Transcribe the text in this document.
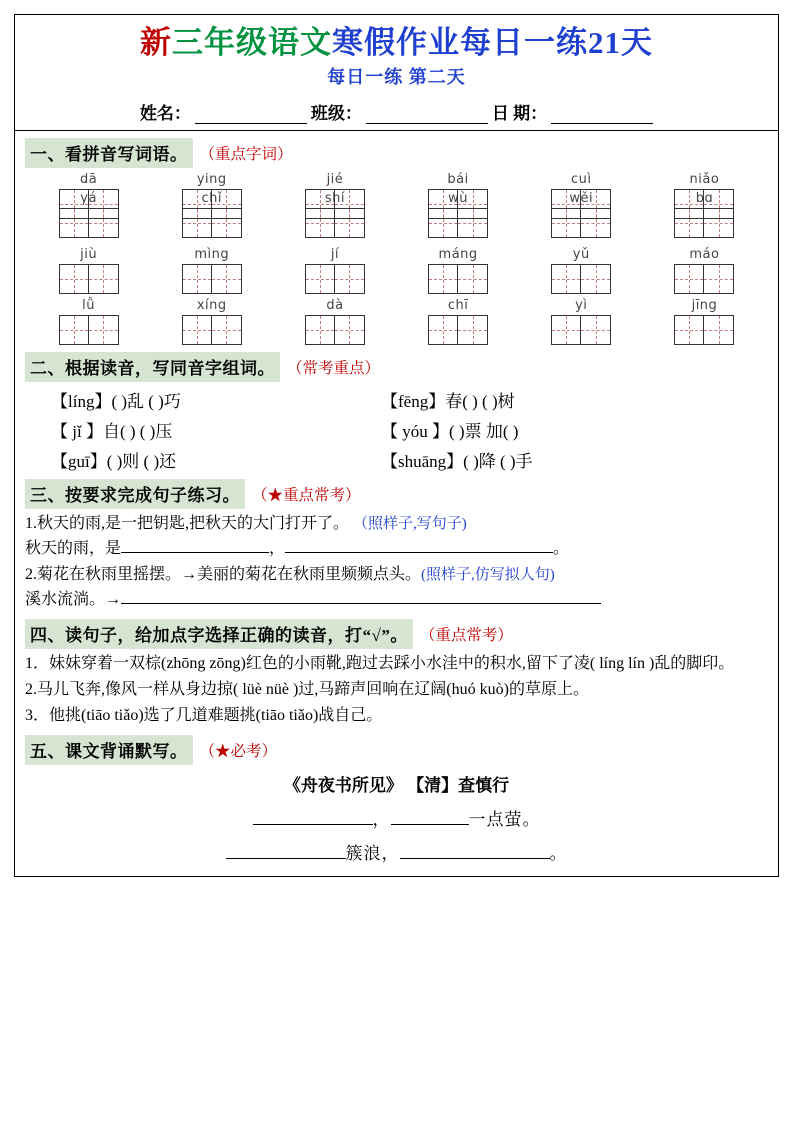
新三年级语文寒假作业每日一练21天
每日一练 第二天
姓名：	班级：	日 期：
一、看拼音写词语。 （重点字词）
dā	ying	jié	bái	cuì	niǎo
yá	chǐ	shí	wù	wěi	bɑ
jiù	mìng	jí	máng	yǔ	máo
lǚ	xíng	dà	chī	yì	jīng
二、根据读音，写同音字组词。 （常考重点）
【líng】( )乱 ( )巧	【fēng】春( ) ( )树
【 jǐ 】自( ) ( )压	【 yóu 】( )票 加( )
【guī】( )则 ( )还	【shuāng】( )降 ( )手
三、按要求完成句子练习。 （★重点常考）
1.秋天的雨,是一把钥匙,把秋天的大门打开了。 （照样子,写句子)
秋天的雨，是	，	。
2.菊花在秋雨里摇摆。→美丽的菊花在秋雨里频频点头。(照样子,仿写拟人句)
溪水流淌。→
四、读句子，给加点字选择正确的读音，打“√”。 （重点常考）
1．妹妹穿着一双棕(zhōng zōng)红色的小雨靴,跑过去踩小水洼中的积水,留下了凌( líng lín )乱的脚印。
2.马儿飞奔,像风一样从身边掠( lüè nüè )过,马蹄声回响在辽阔(huó kuò)的草原上。
3．他挑(tiāo tiǎo)选了几道难题挑(tiāo tiǎo)战自己。
五、课文背诵默写。 （★必考）
《舟夜书所见》 【清】查慎行
，	一点萤。
簇浪，	。
